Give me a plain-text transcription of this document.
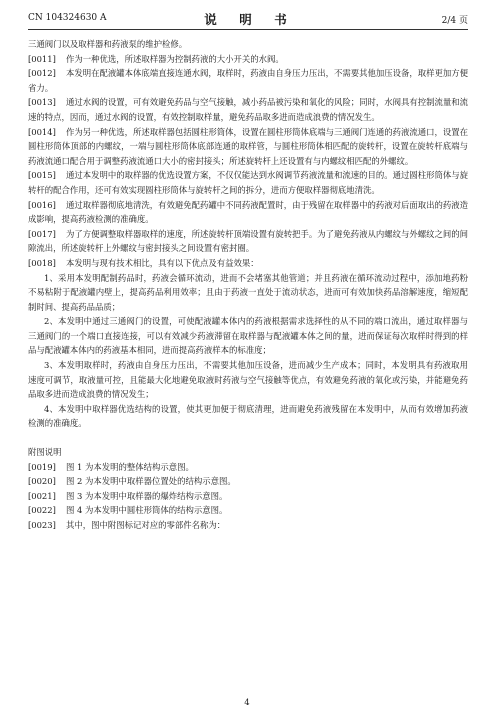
CN 104324630 A	说　明　书	2/4 页

三通阀门以及取样器和药液泵的维护检修。

[0011] 作为一种优选，所述取样器为控制药液的大小开关的水阀。

[0012] 本发明在配液罐本体底端直接连通水阀，取样时，药液由自身压力压出，不需要其他加压设备，取样更加方便省力。

[0013] 通过水阀的设置，可有效避免药品与空气接触，减小药品被污染和氧化的风险；同时，水阀具有控制流量和流速的特点，因而，通过水阀的设置，有效控制取样量，避免药品取多进而造成浪费的情况发生。

[0014] 作为另一种优选，所述取样器包括圆柱形筒体，设置在圆柱形筒体底端与三通阀门连通的药液流通口，设置在圆柱形筒体顶部的内螺纹，一端与圆柱形筒体底部连通的取样管，与圆柱形筒体相匹配的旋转杆，设置在旋转杆底端与药液流通口配合用于调整药液流通口大小的密封接头；所述旋转杆上还设置有与内螺纹相匹配的外螺纹。

[0015] 通过本发明中的取样器的优选设置方案，不仅仅能达到水阀调节药液流量和流速的目的。通过圆柱形筒体与旋转杆的配合作用，还可有效实现圆柱形筒体与旋转杆之间的拆分，进而方便取样器彻底地清洗。

[0016] 通过取样器彻底地清洗，有效避免配药罐中不同药液配置时，由于残留在取样器中的药液对后面取出的药液造成影响，提高药液检测的准确度。

[0017] 为了方便调整取样器取样的速度，所述旋转杆顶端设置有旋转把手。为了避免药液从内螺纹与外螺纹之间的间隙流出，所述旋转杆上外螺纹与密封接头之间设置有密封圈。

[0018] 本发明与现有技术相比，具有以下优点及有益效果：

1、采用本发明配制药品时，药液会循环流动，进而不会堵塞其他管道；并且药液在循环流动过程中，添加地药粉不易粘附于配液罐内壁上，提高药品利用效率；且由于药液一直处于流动状态，进而可有效加快药品溶解速度，缩短配制时间、提高药品品质；

2、本发明中通过三通阀门的设置，可使配液罐本体内的药液根据需求选择性的从不同的端口流出，通过取样器与三通阀门的一个端口直接连接，可以有效减少药液滞留在取样器与配液罐本体之间的量，进而保证每次取样时得到的样品与配液罐本体内的药液基本相同，进而提高药液样本的标准度；

3、本发明取样时，药液由自身压力压出，不需要其他加压设备，进而减少生产成本；同时，本发明具有药液取用速度可调节，取液量可控，且能最大化地避免取液时药液与空气接触等优点，有效避免药液的氧化或污染，并能避免药品取多进而造成浪费的情况发生；

4、本发明中取样器优选结构的设置，使其更加便于彻底清理，进而避免药液残留在本发明中，从而有效增加药液检测的准确度。

附图说明

[0019] 图 1 为本发明的整体结构示意图。

[0020] 图 2 为本发明中取样器位置处的结构示意图。

[0021] 图 3 为本发明中取样器的爆炸结构示意图。

[0022] 图 4 为本发明中圆柱形筒体的结构示意图。

[0023] 其中，图中附图标记对应的零部件名称为：

4
